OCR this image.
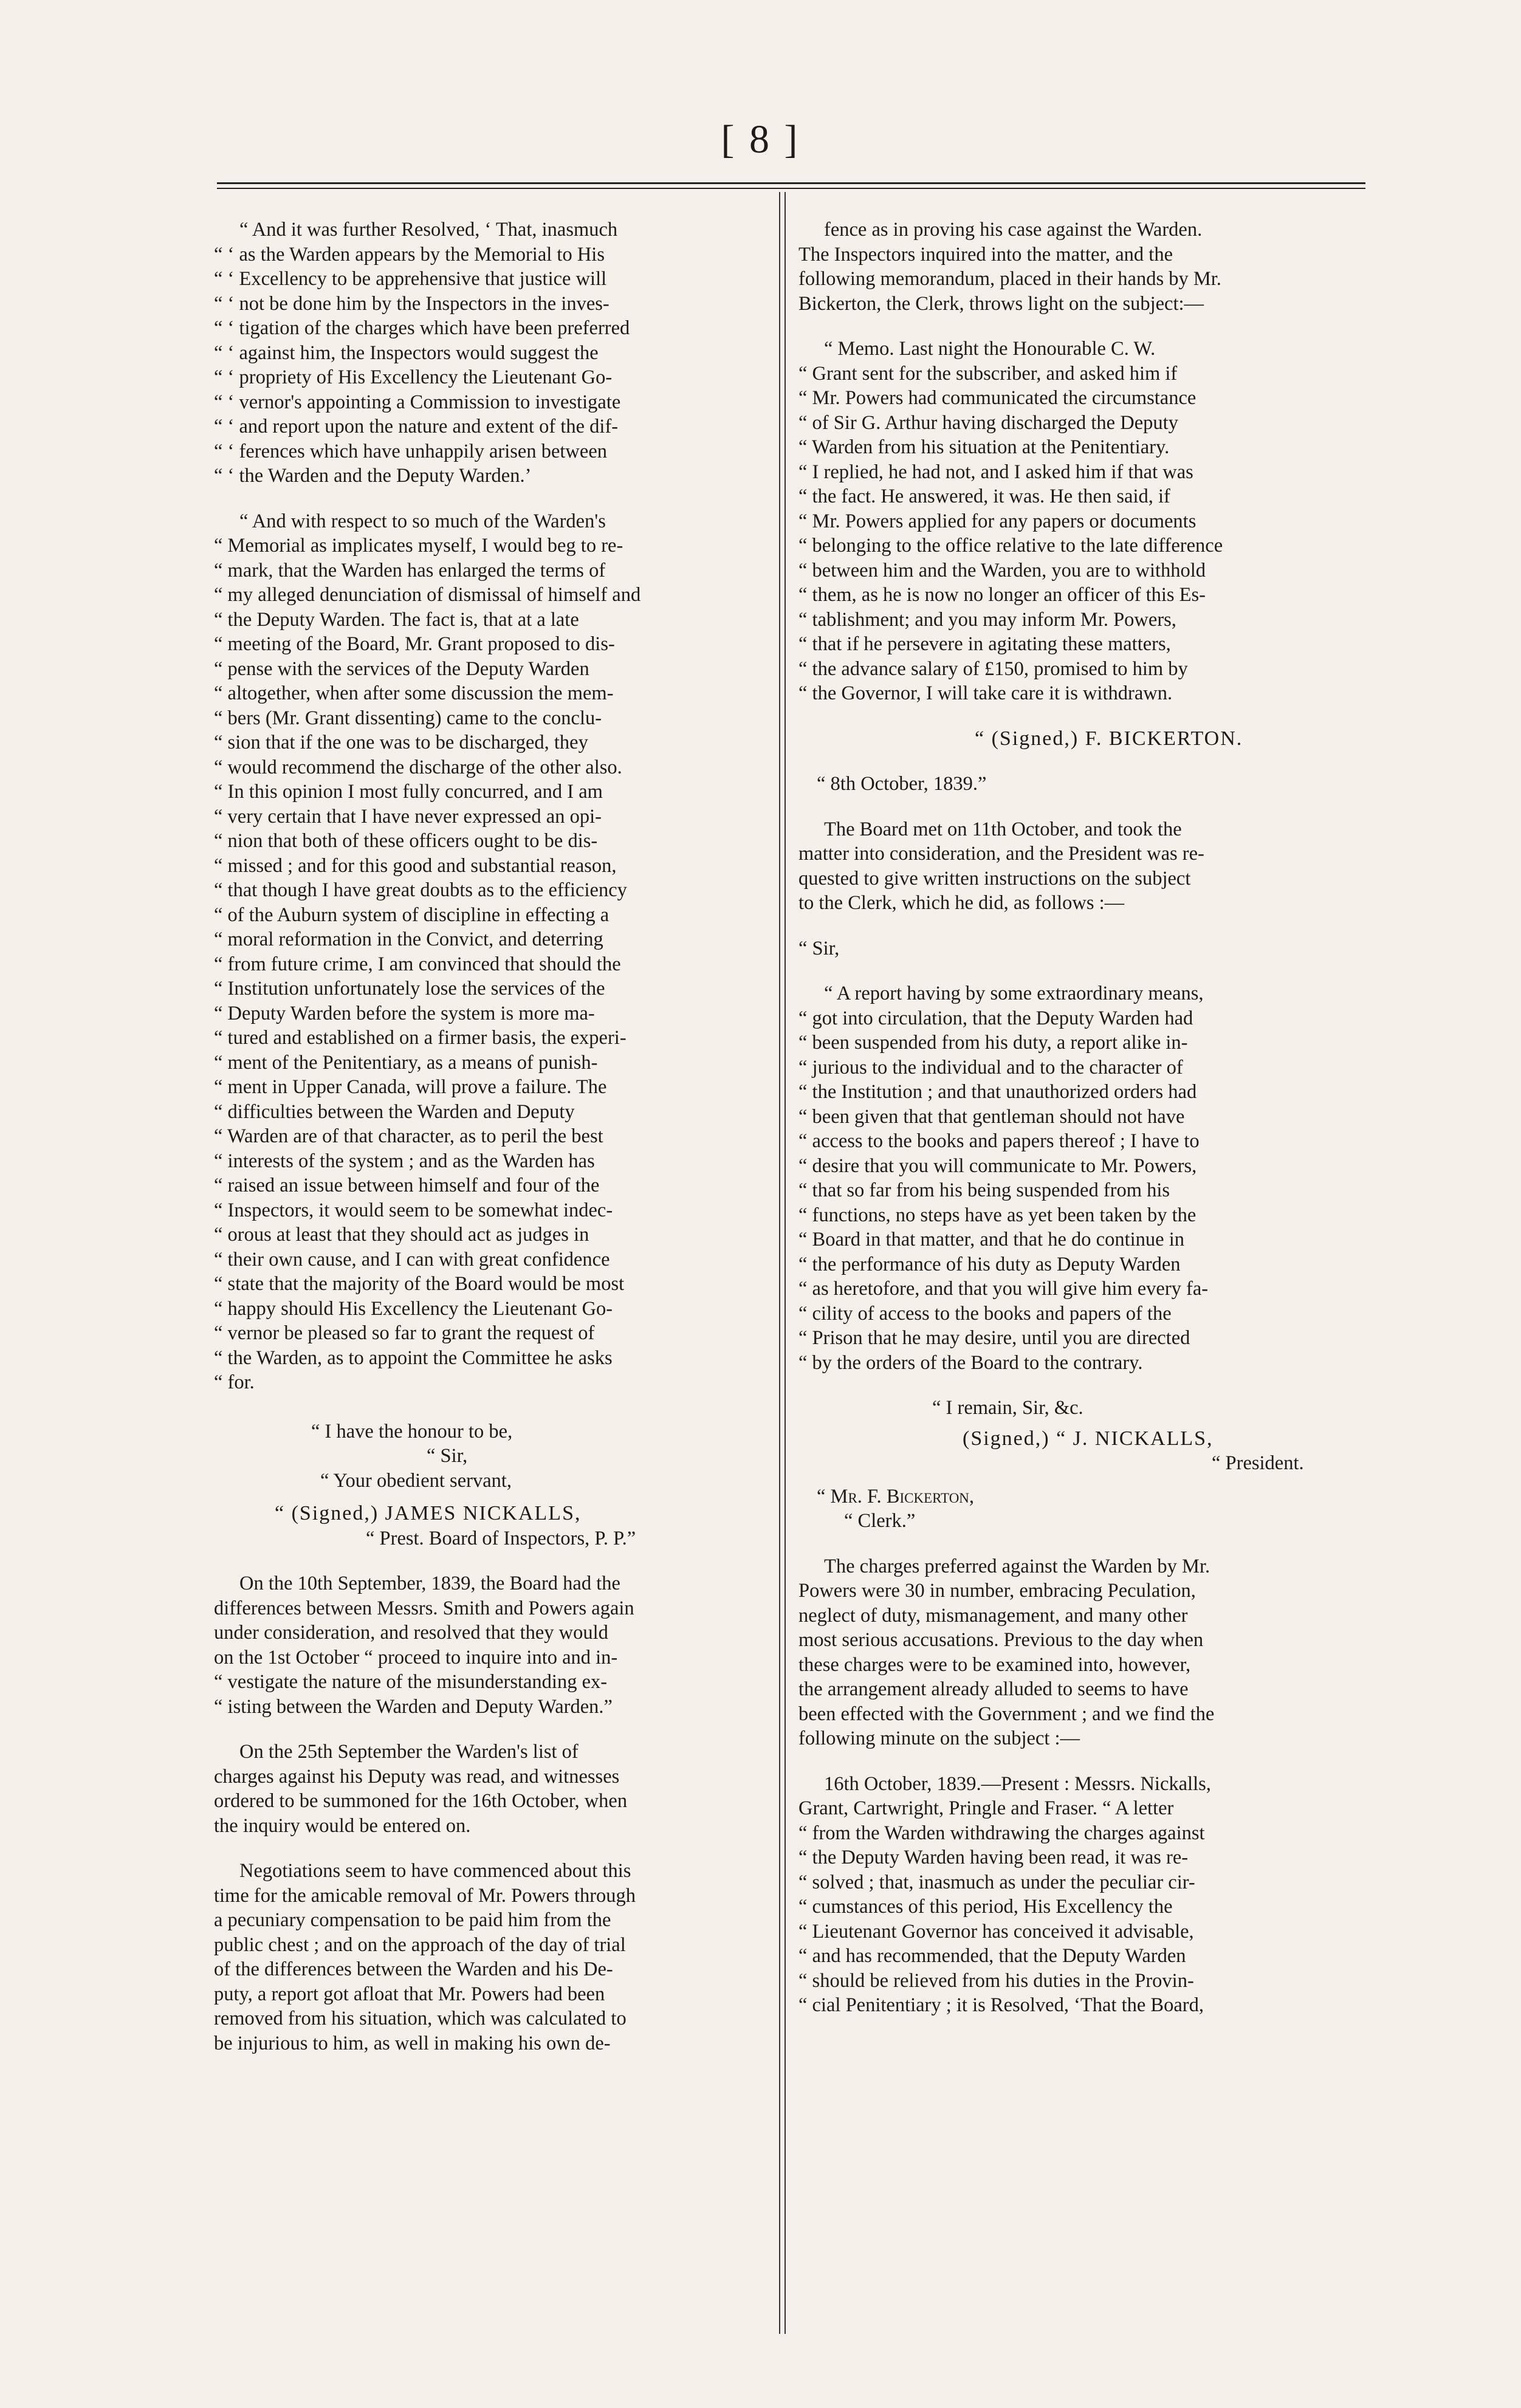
[ 8 ]

“ And it was further Resolved, ‘ That, inasmuch
“ ‘ as the Warden appears by the Memorial to His
“ ‘ Excellency to be apprehensive that justice will
“ ‘ not be done him by the Inspectors in the inves-
“ ‘ tigation of the charges which have been preferred
“ ‘ against him, the Inspectors would suggest the
“ ‘ propriety of His Excellency the Lieutenant Go-
“ ‘ vernor's appointing a Commission to investigate
“ ‘ and report upon the nature and extent of the dif-
“ ‘ ferences which have unhappily arisen between
“ ‘ the Warden and the Deputy Warden.’

“ And with respect to so much of the Warden's
“ Memorial as implicates myself, I would beg to re-
“ mark, that the Warden has enlarged the terms of
“ my alleged denunciation of dismissal of himself and
“ the Deputy Warden. The fact is, that at a late
“ meeting of the Board, Mr. Grant proposed to dis-
“ pense with the services of the Deputy Warden
“ altogether, when after some discussion the mem-
“ bers (Mr. Grant dissenting) came to the conclu-
“ sion that if the one was to be discharged, they
“ would recommend the discharge of the other also.
“ In this opinion I most fully concurred, and I am
“ very certain that I have never expressed an opi-
“ nion that both of these officers ought to be dis-
“ missed ; and for this good and substantial reason,
“ that though I have great doubts as to the efficiency
“ of the Auburn system of discipline in effecting a
“ moral reformation in the Convict, and deterring
“ from future crime, I am convinced that should the
“ Institution unfortunately lose the services of the
“ Deputy Warden before the system is more ma-
“ tured and established on a firmer basis, the experi-
“ ment of the Penitentiary, as a means of punish-
“ ment in Upper Canada, will prove a failure. The
“ difficulties between the Warden and Deputy
“ Warden are of that character, as to peril the best
“ interests of the system ; and as the Warden has
“ raised an issue between himself and four of the
“ Inspectors, it would seem to be somewhat indec-
“ orous at least that they should act as judges in
“ their own cause, and I can with great confidence
“ state that the majority of the Board would be most
“ happy should His Excellency the Lieutenant Go-
“ vernor be pleased so far to grant the request of
“ the Warden, as to appoint the Committee he asks
“ for.

“ I have the honour to be,
“ Sir,
“ Your obedient servant,
“ (Signed,) JAMES NICKALLS,
“ Prest. Board of Inspectors, P. P.”

On the 10th September, 1839, the Board had the
differences between Messrs. Smith and Powers again
under consideration, and resolved that they would
on the 1st October “ proceed to inquire into and in-
“ vestigate the nature of the misunderstanding ex-
“ isting between the Warden and Deputy Warden.”

On the 25th September the Warden's list of
charges against his Deputy was read, and witnesses
ordered to be summoned for the 16th October, when
the inquiry would be entered on.

Negotiations seem to have commenced about this
time for the amicable removal of Mr. Powers through
a pecuniary compensation to be paid him from the
public chest ; and on the approach of the day of trial
of the differences between the Warden and his De-
puty, a report got afloat that Mr. Powers had been
removed from his situation, which was calculated to
be injurious to him, as well in making his own de-

fence as in proving his case against the Warden.
The Inspectors inquired into the matter, and the
following memorandum, placed in their hands by Mr.
Bickerton, the Clerk, throws light on the subject:—

“ Memo. Last night the Honourable C. W.
“ Grant sent for the subscriber, and asked him if
“ Mr. Powers had communicated the circumstance
“ of Sir G. Arthur having discharged the Deputy
“ Warden from his situation at the Penitentiary.
“ I replied, he had not, and I asked him if that was
“ the fact. He answered, it was. He then said, if
“ Mr. Powers applied for any papers or documents
“ belonging to the office relative to the late difference
“ between him and the Warden, you are to withhold
“ them, as he is now no longer an officer of this Es-
“ tablishment; and you may inform Mr. Powers,
“ that if he persevere in agitating these matters,
“ the advance salary of £150, promised to him by
“ the Governor, I will take care it is withdrawn.

“ (Signed,) F. BICKERTON.

“ 8th October, 1839.”

The Board met on 11th October, and took the
matter into consideration, and the President was re-
quested to give written instructions on the subject
to the Clerk, which he did, as follows :—

“ Sir,

“ A report having by some extraordinary means,
“ got into circulation, that the Deputy Warden had
“ been suspended from his duty, a report alike in-
“ jurious to the individual and to the character of
“ the Institution ; and that unauthorized orders had
“ been given that that gentleman should not have
“ access to the books and papers thereof ; I have to
“ desire that you will communicate to Mr. Powers,
“ that so far from his being suspended from his
“ functions, no steps have as yet been taken by the
“ Board in that matter, and that he do continue in
“ the performance of his duty as Deputy Warden
“ as heretofore, and that you will give him every fa-
“ cility of access to the books and papers of the
“ Prison that he may desire, until you are directed
“ by the orders of the Board to the contrary.

“ I remain, Sir, &c.
(Signed,) “ J. NICKALLS,
“ President.
“ Mr. F. Bickerton,
“ Clerk.”

The charges preferred against the Warden by Mr.
Powers were 30 in number, embracing Peculation,
neglect of duty, mismanagement, and many other
most serious accusations. Previous to the day when
these charges were to be examined into, however,
the arrangement already alluded to seems to have
been effected with the Government ; and we find the
following minute on the subject :—

16th October, 1839.—Present : Messrs. Nickalls,
Grant, Cartwright, Pringle and Fraser. “ A letter
“ from the Warden withdrawing the charges against
“ the Deputy Warden having been read, it was re-
“ solved ; that, inasmuch as under the peculiar cir-
“ cumstances of this period, His Excellency the
“ Lieutenant Governor has conceived it advisable,
“ and has recommended, that the Deputy Warden
“ should be relieved from his duties in the Provin-
“ cial Penitentiary ; it is Resolved, ‘That the Board,
